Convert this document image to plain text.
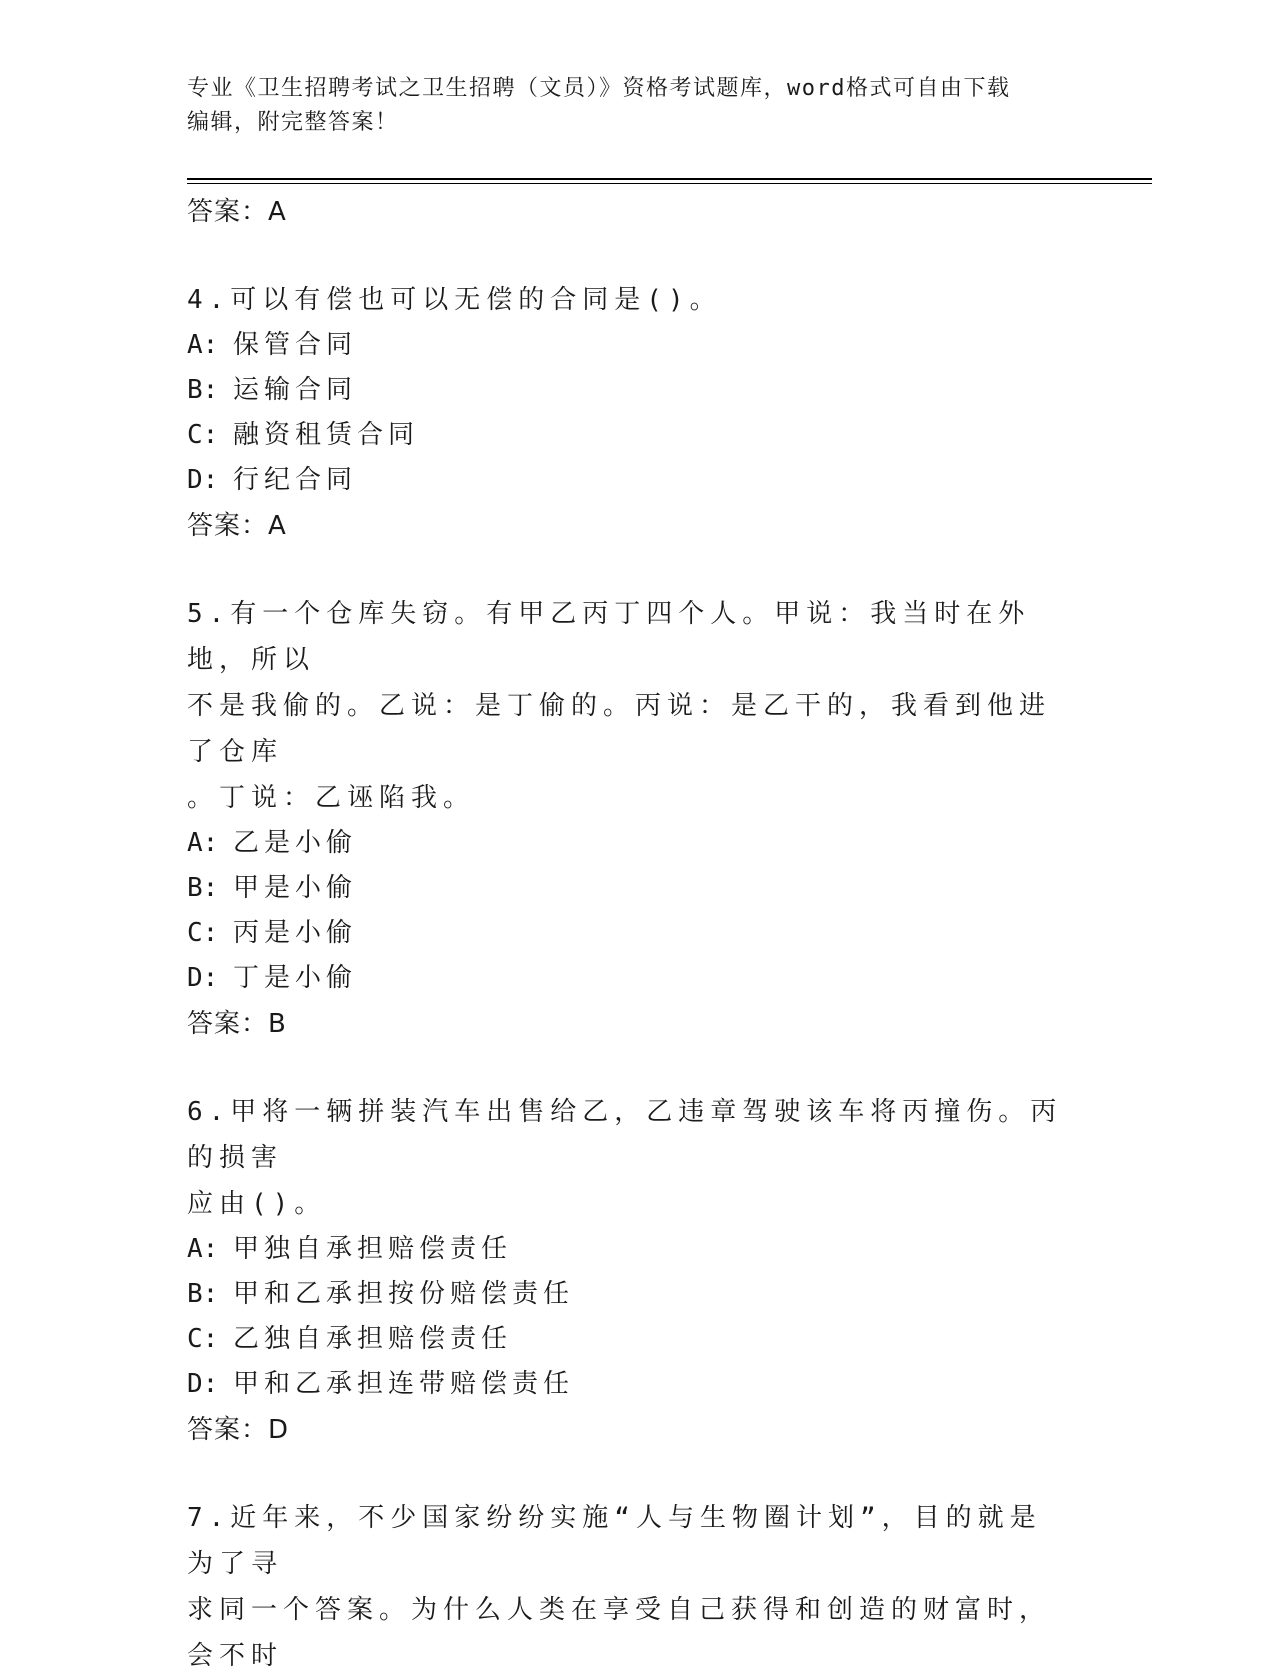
专业《卫生招聘考试之卫生招聘（文员）》资格考试题库，word格式可自由下载
编辑，附完整答案！
答案：A
4.可以有偿也可以无偿的合同是()。
A: 保管合同
B: 运输合同
C: 融资租赁合同
D: 行纪合同
答案：A
5.有一个仓库失窃。有甲乙丙丁四个人。甲说：我当时在外地，所以
不是我偷的。乙说：是丁偷的。丙说：是乙干的，我看到他进了仓库
。丁说：乙诬陷我。
A: 乙是小偷
B: 甲是小偷
C: 丙是小偷
D: 丁是小偷
答案：B
6.甲将一辆拼装汽车出售给乙，乙违章驾驶该车将丙撞伤。丙的损害
应由()。
A: 甲独自承担赔偿责任
B: 甲和乙承担按份赔偿责任
C: 乙独自承担赔偿责任
D: 甲和乙承担连带赔偿责任
答案：D
7.近年来，不少国家纷纷实施“人与生物圈计划”，目的就是为了寻
求同一个答案。为什么人类在享受自己获得和创造的财富时，会不时
